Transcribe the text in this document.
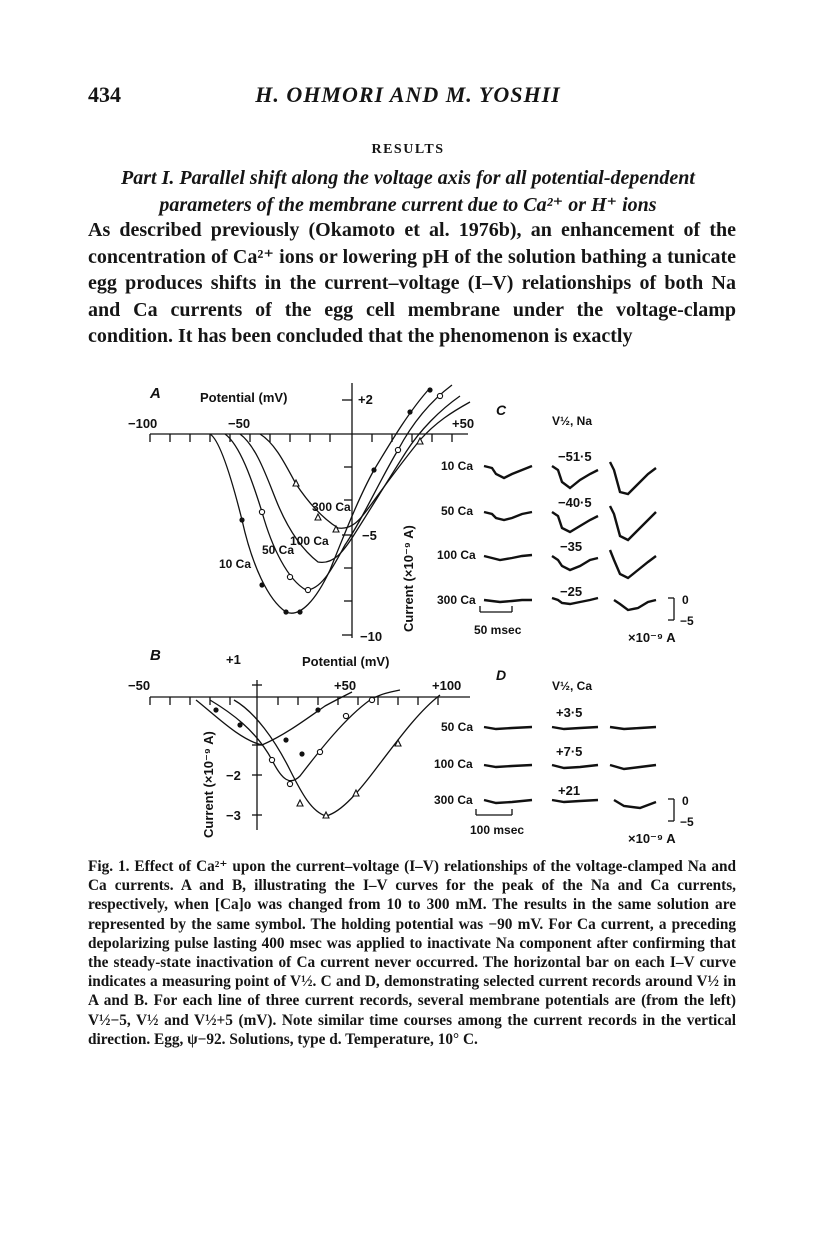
434	H. OHMORI AND M. YOSHII
RESULTS
Part I. Parallel shift along the voltage axis for all potential-dependent parameters of the membrane current due to Ca²⁺ or H⁺ ions
As described previously (Okamoto et al. 1976b), an enhancement of the concentration of Ca²⁺ ions or lowering pH of the solution bathing a tunicate egg produces shifts in the current–voltage (I–V) relationships of both Na and Ca currents of the egg cell membrane under the voltage-clamp condition. It has been concluded that the phenomenon is exactly
A	Potential (mV)
−100	−50	+50
+2
−5
−10
Current (×10⁻⁹ A)
300 Ca
100 Ca
50 Ca
10 Ca
B	Potential (mV)
−50	+50	+100
+1
−2
−3
Current (×10⁻⁹ A)
C
V½, Na
10 Ca
50 Ca
100 Ca
300 Ca
−51·5
−40·5
−35
−25
50 msec
0
−5
×10⁻⁹ A
D
V½, Ca
50 Ca
100 Ca
300 Ca
+3·5
+7·5
+21
100 msec
0
−5
×10⁻⁹ A
Fig. 1. Effect of Ca²⁺ upon the current–voltage (I–V) relationships of the voltage-clamped Na and Ca currents. A and B, illustrating the I–V curves for the peak of the Na and Ca currents, respectively, when [Ca]o was changed from 10 to 300 mM. The results in the same solution are represented by the same symbol. The holding potential was −90 mV. For Ca current, a preceding depolarizing pulse lasting 400 msec was applied to inactivate Na component after confirming that the steady-state inactivation of Ca current never occurred. The horizontal bar on each I–V curve indicates a measuring point of V½. C and D, demonstrating selected current records around V½ in A and B. For each line of three current records, several membrane potentials are (from the left) V½−5, V½ and V½+5 (mV). Note similar time courses among the current records in the vertical direction. Egg, ψ−92. Solutions, type d. Temperature, 10° C.
